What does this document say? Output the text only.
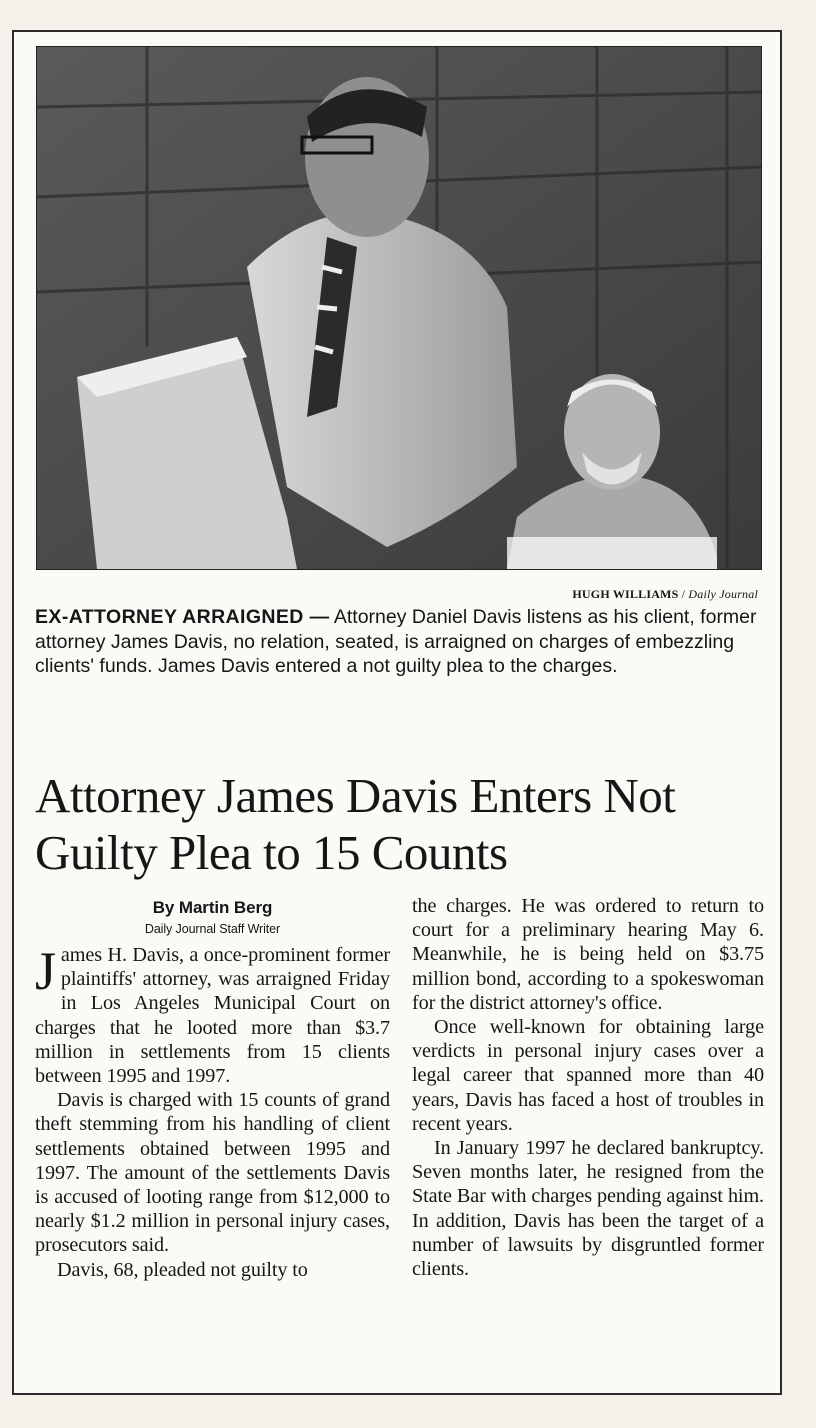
HUGH WILLIAMS / Daily Journal
EX-ATTORNEY ARRAIGNED — Attorney Daniel Davis listens as his client, former attorney James Davis, no relation, seated, is arraigned on charges of embezzling clients' funds. James Davis entered a not guilty plea to the charges.
Attorney James Davis Enters Not Guilty Plea to 15 Counts
By Martin Berg
Daily Journal Staff Writer

James H. Davis, a once-prominent former plaintiffs' attorney, was arraigned Friday in Los Angeles Municipal Court on charges that he looted more than $3.7 million in settlements from 15 clients between 1995 and 1997.

Davis is charged with 15 counts of grand theft stemming from his handling of client settlements obtained between 1995 and 1997. The amount of the settlements Davis is accused of looting range from $12,000 to nearly $1.2 million in personal injury cases, prosecutors said.

Davis, 68, pleaded not guilty to

the charges. He was ordered to return to court for a preliminary hearing May 6. Meanwhile, he is being held on $3.75 million bond, according to a spokeswoman for the district attorney's office.

Once well-known for obtaining large verdicts in personal injury cases over a legal career that spanned more than 40 years, Davis has faced a host of troubles in recent years.

In January 1997 he declared bankruptcy. Seven months later, he resigned from the State Bar with charges pending against him. In addition, Davis has been the target of a number of lawsuits by disgruntled former clients.
